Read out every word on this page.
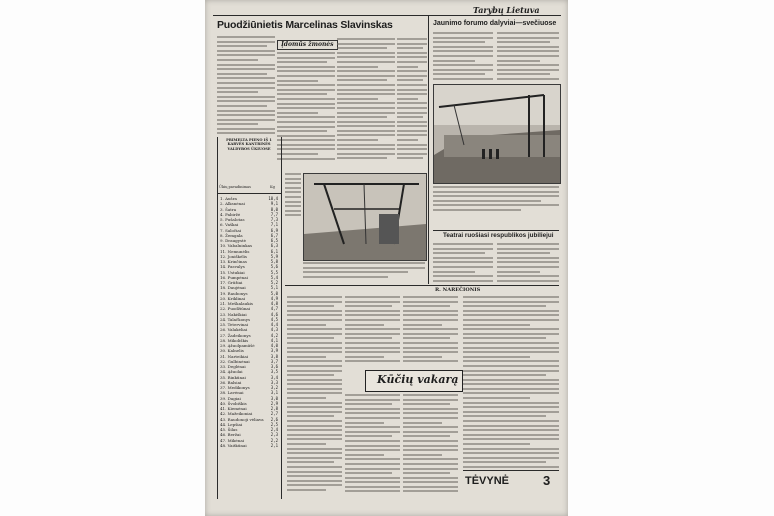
Tarybų Lietuva
Puodžiūnietis Marcelinas Slavinskas
Įdomūs žmonės
Jaunimo forumo dalyviai—svečiuose
Teatrai ruošiasi respublikos jubiliejui
PRIMELTA PIENO IŠ 1 KARVĖS KANTRINĖS VALDYBOS ŪKIUOSE
Ūkių pavadinimas	Kg
1. Aušra	10,4
2. Alksnėnai	9,1
3. Šatra	8,0
4. Pabiržė	7,7
5. Pušalotas	7,3
6. Vaškai	7,1
7. Saločiai	6,9
8. Žemgala	6,7
9. Draugystė	6,5
10. Vabalninkas	6,3
11. Nemunėlis	6,1
12. Joniškėlis	5,9
13. Krinčinas	5,8
14. Pasvalys	5,6
15. Ustukiai	5,5
16. Pumpėnai	5,4
17. Grūžiai	5,2
18. Daujėnai	5,1
19. Raubonys	5,0
20. Kriklinai	4,9
21. Meškalaukis	4,8
22. Puodžiūnai	4,7
23. Nakiškiai	4,6
24. Talačkonys	4,5
25. Tetervinai	4,4
26. Valakėliai	4,3
27. Žadeikonys	4,2
28. Mikoliškis	4,1
29. Ąžuolpamūšė	4,0
30. Kalnelis	3,9
31. Narteikiai	3,8
32. Gulbinėnai	3,7
33. Deglėnai	3,6
34. Ąžuolai	3,5
35. Rinkūnai	3,4
36. Balsiai	3,3
37. Medikonys	3,2
38. Lavėnai	3,1
39. Dagiai	3,0
40. Švobiškis	2,9
41. Kiemėnai	2,8
42. Mažeikoniai	2,7
43. Raudonoji vėliava 2,6
44. Lepšiai	2,5
45. Šilas	2,4
46. Beržai	2,3
47. Mikėnai	2,2
48. Vaitkūnai	2,1
R. NAREČIONIS
Kūčių vakarą
TĖVYNĖ	3
